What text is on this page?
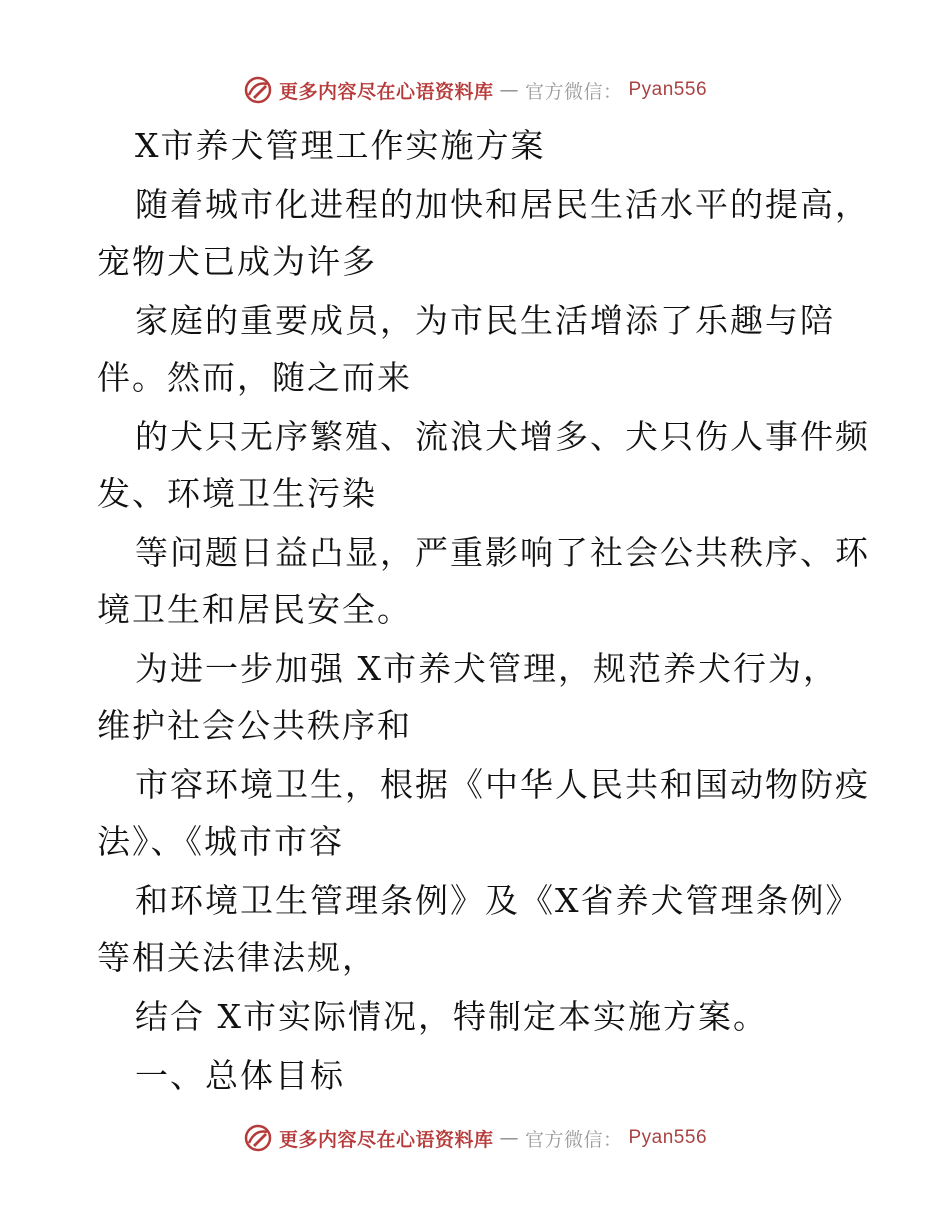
更多内容尽在心语资料库 — 官方微信： Pyan556
X市养犬管理工作实施方案
随着城市化进程的加快和居民生活水平的提高，
宠物犬已成为许多
家庭的重要成员，为市民生活增添了乐趣与陪
伴。然而，随之而来
的犬只无序繁殖、流浪犬增多、犬只伤人事件频
发、环境卫生污染
等问题日益凸显，严重影响了社会公共秩序、环
境卫生和居民安全。
为进一步加强 X市养犬管理，规范养犬行为，
维护社会公共秩序和
市容环境卫生，根据《中华人民共和国动物防疫
法》、《城市市容
和环境卫生管理条例》及《X省养犬管理条例》
等相关法律法规，
结合 X市实际情况，特制定本实施方案。
一、总体目标
更多内容尽在心语资料库 — 官方微信： Pyan556
